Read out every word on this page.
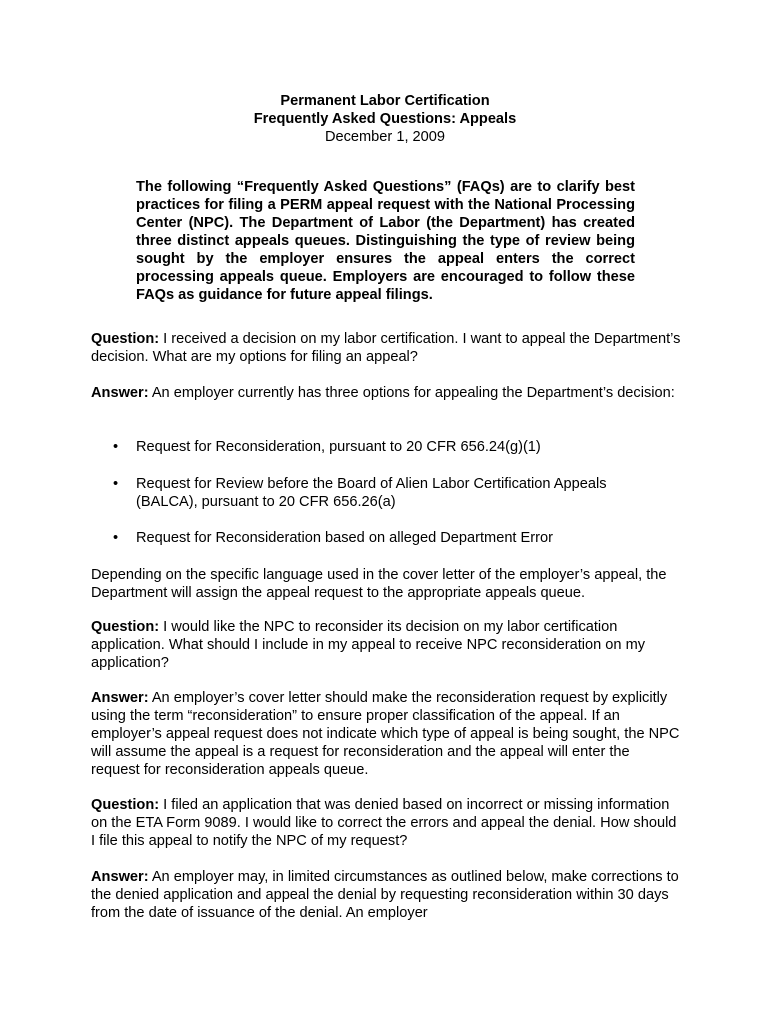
Permanent Labor Certification
Frequently Asked Questions: Appeals
December 1, 2009
The following “Frequently Asked Questions” (FAQs) are to clarify best practices for filing a PERM appeal request with the National Processing Center (NPC). The Department of Labor (the Department) has created three distinct appeals queues. Distinguishing the type of review being sought by the employer ensures the appeal enters the correct processing appeals queue. Employers are encouraged to follow these FAQs as guidance for future appeal filings.
Question: I received a decision on my labor certification. I want to appeal the Department’s decision. What are my options for filing an appeal?
Answer: An employer currently has three options for appealing the Department’s decision:
•	Request for Reconsideration, pursuant to 20 CFR 656.24(g)(1)
•	Request for Review before the Board of Alien Labor Certification Appeals (BALCA), pursuant to 20 CFR 656.26(a)
•	Request for Reconsideration based on alleged Department Error
Depending on the specific language used in the cover letter of the employer’s appeal, the Department will assign the appeal request to the appropriate appeals queue.
Question: I would like the NPC to reconsider its decision on my labor certification application. What should I include in my appeal to receive NPC reconsideration on my application?
Answer: An employer’s cover letter should make the reconsideration request by explicitly using the term “reconsideration” to ensure proper classification of the appeal. If an employer’s appeal request does not indicate which type of appeal is being sought, the NPC will assume the appeal is a request for reconsideration and the appeal will enter the request for reconsideration appeals queue.
Question: I filed an application that was denied based on incorrect or missing information on the ETA Form 9089. I would like to correct the errors and appeal the denial. How should I file this appeal to notify the NPC of my request?
Answer: An employer may, in limited circumstances as outlined below, make corrections to the denied application and appeal the denial by requesting reconsideration within 30 days from the date of issuance of the denial. An employer
